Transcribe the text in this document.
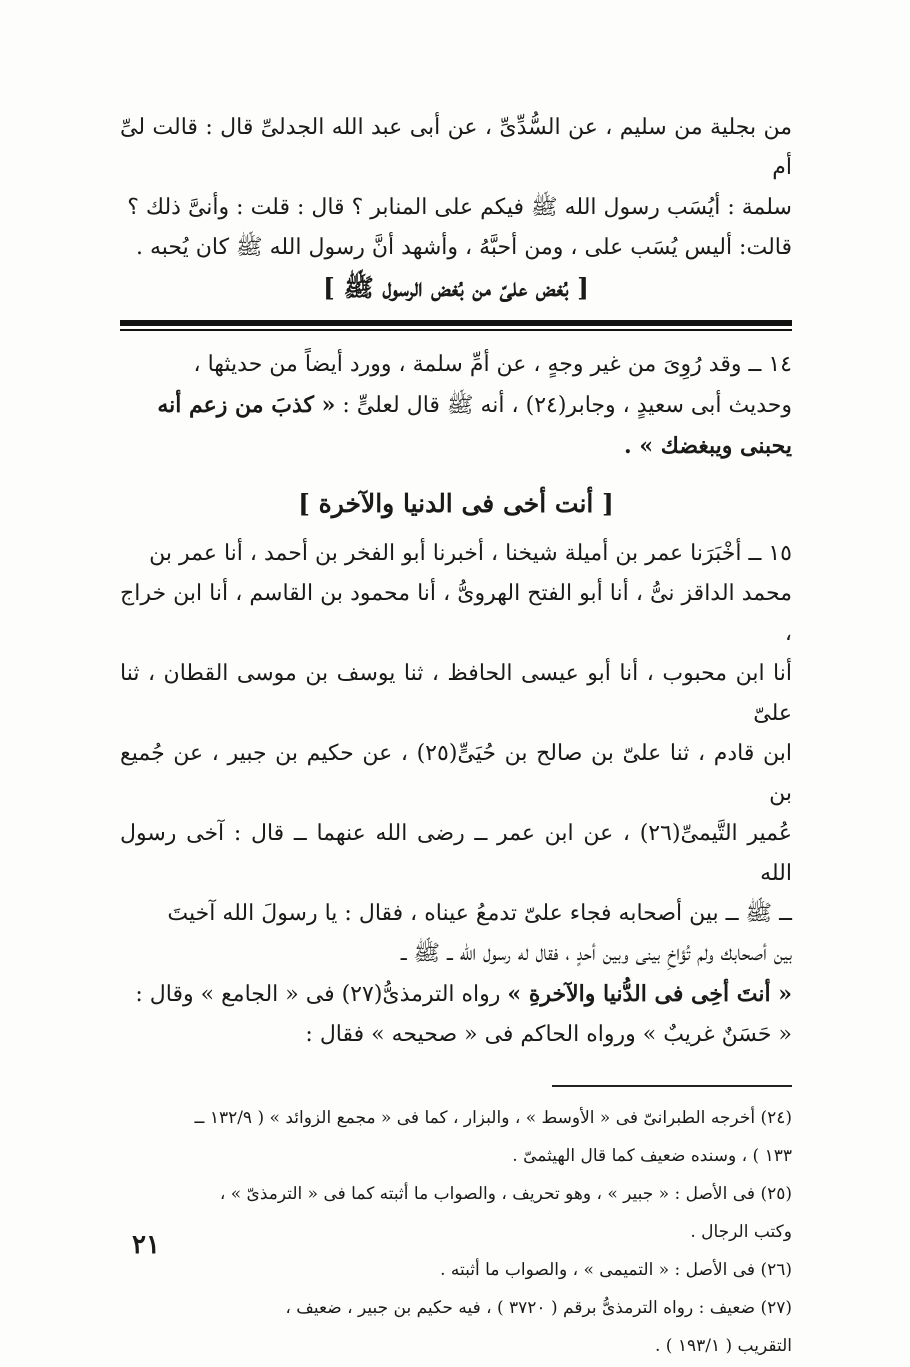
من بجلية من سليم ، عن السُّدِّىِّ ، عن أبى عبد الله الجدلىِّ قال : قالت لىِّ أم

سلمة : أيُسَب رسول الله ﷺ فيكم على المنابر ؟ قال : قلت : وأنىَّ ذلك ؟

قالت: أليس يُسَب على ، ومن أحبَّهُ ، وأشهد أنَّ رسول الله ﷺ كان يُحبه .

[ بُغض علىّ من بُغض الرسول ﷺ ]

١٤ ــ وقد رُوِىَ من غير وجهٍ ، عن أمِّ سلمة ، وورد أيضاً من حديثها ،

وحديث أبى سعيدٍ ، وجابر(٢٤) ، أنه ﷺ قال لعلىٍّ : « كذبَ من زعم أنه

يحبنى ويبغضك » .

[ أنت أخى فى الدنيا والآخرة ]

١٥ ــ أخْبَرَنا عمر بن أميلة شيخنا ، أخبرنا أبو الفخر بن أحمد ، أنا عمر بن

محمد الداقز نىُّ ، أنا أبو الفتح الهروىُّ ، أنا محمود بن القاسم ، أنا ابن خراج ،

أنا ابن محبوب ، أنا أبو عيسى الحافظ ، ثنا يوسف بن موسى القطان ، ثنا علىّ

ابن قادم ، ثنا علىّ بن صالح بن حُيَىٍّ(٢٥) ، عن حكيم بن جبير ، عن جُميع بن

عُمير التَّيمىِّ(٢٦) ، عن ابن عمر ــ رضى الله عنهما ــ قال : آخى رسول الله

ــ ﷺ ــ بين أصحابه فجاء علىّ تدمعُ عيناه ، فقال : يا رسولَ الله آخيتَ

بين أصحابك ولم تُؤاخِ بينى وبين أحدٍ ، فقال له رسول الله ــ ﷺ ــ

« أنتَ أخِى فى الدُّنيا والآخرةِ » رواه الترمذىُّ(٢٧) فى « الجامع » وقال :

« حَسَنٌ غريبٌ » ورواه الحاكم فى « صحيحه » فقال :

(٢٤) أخرجه الطبرانىّ فى « الأوسط » ، والبزار ، كما فى « مجمع الزوائد » ( ١٣٢/٩ ــ

١٣٣ ) ، وسنده ضعيف كما قال الهيثمىّ .

(٢٥) فى الأصل : « جبير » ، وهو تحريف ، والصواب ما أثبته كما فى « الترمذىّ » ،

وكتب الرجال .

(٢٦) فى الأصل : « التميمى » ، والصواب ما أثبته .

(٢٧) ضعيف : رواه الترمذىُّ برقم ( ٣٧٢٠ ) ، فيه حكيم بن جبير ، ضعيف ،

التقريب ( ١٩٣/١ ) .

٢١
